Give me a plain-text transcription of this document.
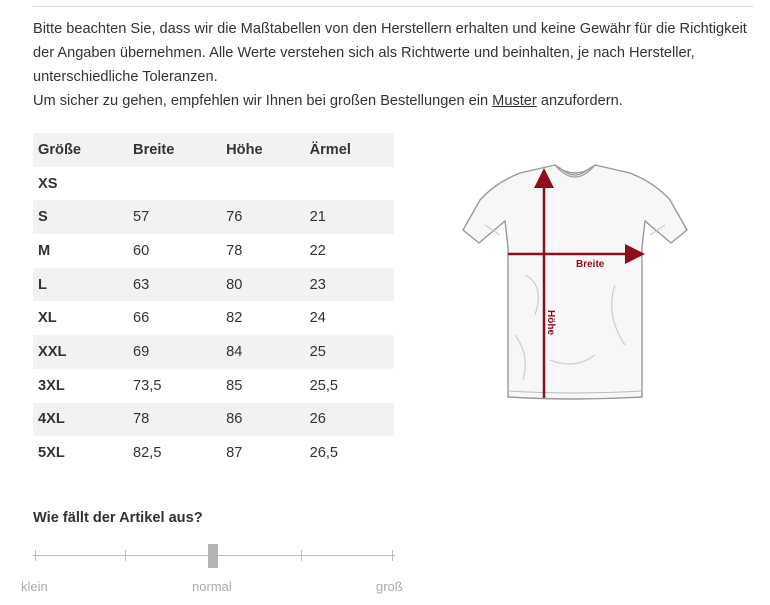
Bitte beachten Sie, dass wir die Maßtabellen von den Herstellern erhalten und keine Gewähr für die Richtigkeit der Angaben übernehmen. Alle Werte verstehen sich als Richtwerte und beinhalten, je nach Hersteller, unterschiedliche Toleranzen.

Um sicher zu gehen, empfehlen wir Ihnen bei großen Bestellungen ein Muster anzufordern.

Größe	Breite	Höhe	Ärmel
XS			
S	57	76	21
M	60	78	22
L	63	80	23
XL	66	82	24
XXL	69	84	25
3XL	73,5	85	25,5
4XL	78	86	26
5XL	82,5	87	26,5
Breite
Höhe
Wie fällt der Artikel aus?
klein	normal	groß
